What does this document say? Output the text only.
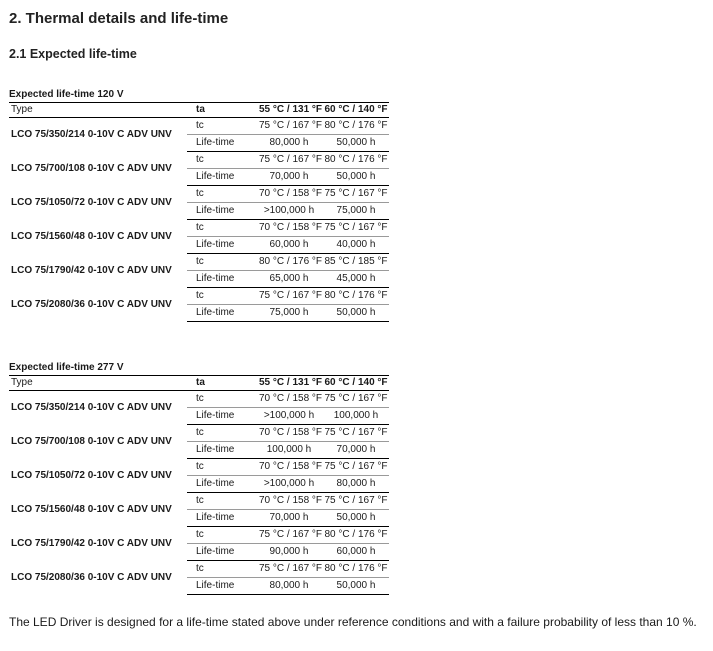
2. Thermal details and life-time
2.1 Expected life-time
Expected life-time 120 V
Type	ta	55 °C / 131 °F 60 °C / 140 °F
LCO 75/350/214 0-10V C ADV UNV
tc	75 °C / 167 °F 80 °C / 176 °F
Life-time	80,000 h	50,000 h
LCO 75/700/108 0-10V C ADV UNV
tc	75 °C / 167 °F 80 °C / 176 °F
Life-time	70,000 h	50,000 h
LCO 75/1050/72 0-10V C ADV UNV
tc	70 °C / 158 °F 75 °C / 167 °F
Life-time	>100,000 h	75,000 h
LCO 75/1560/48 0-10V C ADV UNV
tc	70 °C / 158 °F 75 °C / 167 °F
Life-time	60,000 h	40,000 h
LCO 75/1790/42 0-10V C ADV UNV
tc	80 °C / 176 °F 85 °C / 185 °F
Life-time	65,000 h	45,000 h
LCO 75/2080/36 0-10V C ADV UNV
tc	75 °C / 167 °F 80 °C / 176 °F
Life-time	75,000 h	50,000 h
Expected life-time 277 V
Type	ta	55 °C / 131 °F 60 °C / 140 °F
LCO 75/350/214 0-10V C ADV UNV
tc	70 °C / 158 °F 75 °C / 167 °F
Life-time	>100,000 h	100,000 h
LCO 75/700/108 0-10V C ADV UNV
tc	70 °C / 158 °F 75 °C / 167 °F
Life-time	100,000 h	70,000 h
LCO 75/1050/72 0-10V C ADV UNV
tc	70 °C / 158 °F 75 °C / 167 °F
Life-time	>100,000 h	80,000 h
LCO 75/1560/48 0-10V C ADV UNV
tc	70 °C / 158 °F 75 °C / 167 °F
Life-time	70,000 h	50,000 h
LCO 75/1790/42 0-10V C ADV UNV
tc	75 °C / 167 °F 80 °C / 176 °F
Life-time	90,000 h	60,000 h
LCO 75/2080/36 0-10V C ADV UNV
tc	75 °C / 167 °F 80 °C / 176 °F
Life-time	80,000 h	50,000 h
The LED Driver is designed for a life-time stated above under reference conditions and with a failure probability of less than 10 %.
